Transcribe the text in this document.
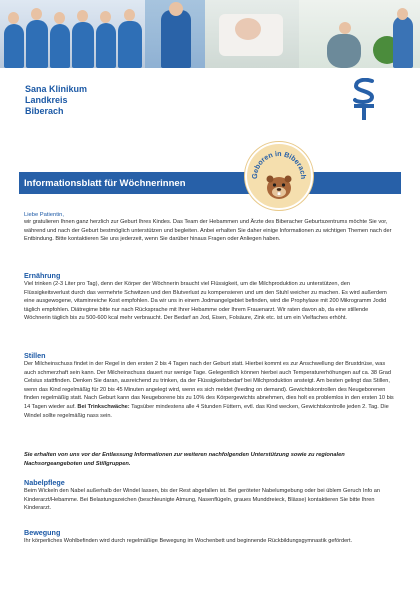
Sana Klinikum
Landkreis
Biberach
Informationsblatt für Wöchnerinnen
Geboren in Biberach
Liebe Patientin,

wir gratulieren Ihnen ganz herzlich zur Geburt Ihres Kindes. Das Team der Hebammen und Ärzte des Biberacher Geburtszentrums möchte Sie vor, während und nach der Geburt bestmöglich unterstützen und begleiten. Anbei erhalten Sie daher einige Informationen zu wichtigen Themen nach der Entbindung. Bitte kontaktieren Sie uns jederzeit, wenn Sie darüber hinaus Fragen oder Anliegen haben.

Ernährung

Viel trinken (2-3 Liter pro Tag), denn der Körper der Wöchnerin braucht viel Flüssigkeit, um die Milchproduktion zu unterstützen, den Flüssigkeitsverlust durch das vermehrte Schwitzen und den Blutverlust zu kompensieren und um den Stuhl weicher zu machen. Es wird außerdem eine ausgewogene, vitaminreiche Kost empfohlen. Da wir uns in einem Jodmangelgebiet befinden, wird die Prophylaxe mit 200 Mikrogramm Jodid täglich empfohlen. Diätregime bitte nur nach Rücksprache mit Ihrer Hebamme oder Ihrem Frauenarzt. Wir raten davon ab, da eine stillende Wöchnerin täglich bis zu 500-600 kcal mehr verbraucht. Der Bedarf an Jod, Eisen, Folsäure, Zink etc. ist um ein Vielfaches erhöht.

Stillen

Der Milcheinschuss findet in der Regel in den ersten 2 bis 4 Tagen nach der Geburt statt. Hierbei kommt es zur Anschwellung der Brustdrüse, was auch schmerzhaft sein kann. Der Milcheinschuss dauert nur wenige Tage. Gelegentlich können hierbei auch Temperaturerhöhungen auf ca. 38 Grad Celsius stattfinden. Denken Sie daran, ausreichend zu trinken, da der Flüssigkeitsbedarf bei Milchproduktion ansteigt. Am besten gelingt das Stillen, wenn das Kind regelmäßig für 20 bis 45 Minuten angelegt wird, wenn es sich meldet (feeding on demand). Gewichtskontrollen des Neugeborenen finden regelmäßig statt. Nach Geburt kann das Neugeborene bis zu 10% des Körpergewichts abnehmen, dies holt es problemlos in den ersten 10 bis 14 Tagen wieder auf. Bei Trinkschwäche: Tagsüber mindestens alle 4 Stunden Füttern, evtl. das Kind wecken, Gewichtskontrolle jeden 2. Tag. Die Windel sollte regelmäßig nass sein.

Sie erhalten von uns vor der Entlassung Informationen zur weiteren nachfolgenden Unterstützung sowie zu regionalen Nachsorgeangeboten und Stillgruppen.
Nabelpflege

Beim Wickeln den Nabel außerhalb der Windel lassen, bis der Rest abgefallen ist. Bei geröteter Nabelumgebung oder bei üblem Geruch Info an Kinderarzt/Hebamme. Bei Belastungszeichen (beschleunigte Atmung, Nasenflügeln, graues Munddreieck, Blässe) kontaktieren Sie bitte Ihren Kinderarzt.

Bewegung

Ihr körperliches Wohlbefinden wird durch regelmäßige Bewegung im Wochenbett und beginnende Rückbildungsgymnastik gefördert.
